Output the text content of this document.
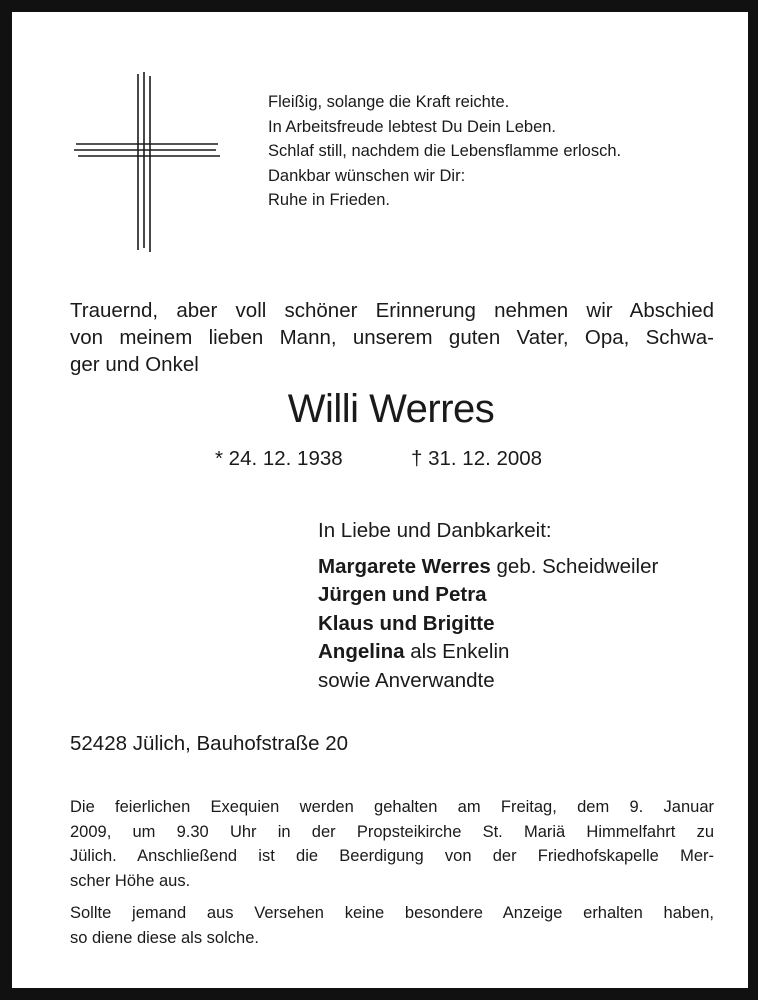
Fleißig, solange die Kraft reichte.
In Arbeitsfreude lebtest Du Dein Leben.
Schlaf still, nachdem die Lebensflamme erlosch.
Dankbar wünschen wir Dir:
Ruhe in Frieden.
Trauernd, aber voll schöner Erinnerung nehmen wir Abschied
von meinem lieben Mann, unserem guten Vater, Opa, Schwa-
ger und Onkel
Willi Werres
* 24. 12. 1938	† 31. 12. 2008
In Liebe und Danbkarkeit:
Margarete Werres geb. Scheidweiler
Jürgen und Petra
Klaus und Brigitte
Angelina als Enkelin
sowie Anverwandte
52428 Jülich, Bauhofstraße 20
Die feierlichen Exequien werden gehalten am Freitag, dem 9. Januar
2009, um 9.30 Uhr in der Propsteikirche St. Mariä Himmelfahrt zu
Jülich. Anschließend ist die Beerdigung von der Friedhofskapelle Mer-
scher Höhe aus.
Sollte jemand aus Versehen keine besondere Anzeige erhalten haben,
so diene diese als solche.
